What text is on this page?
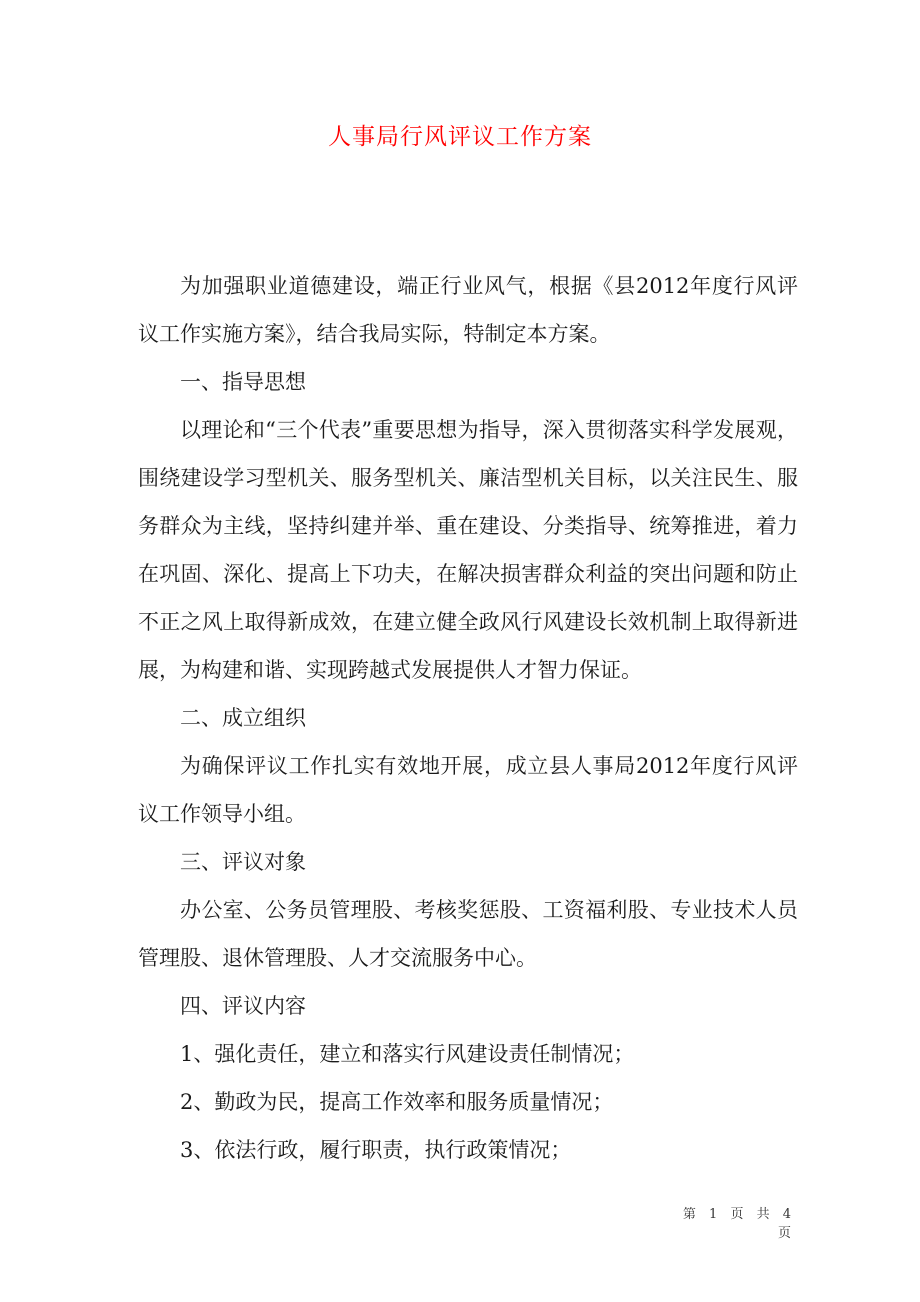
人事局行风评议工作方案

为加强职业道德建设，端正行业风气，根据《县2012年度行风评议工作实施方案》，结合我局实际，特制定本方案。

一、指导思想

以理论和“三个代表”重要思想为指导，深入贯彻落实科学发展观，围绕建设学习型机关、服务型机关、廉洁型机关目标，以关注民生、服务群众为主线，坚持纠建并举、重在建设、分类指导、统筹推进，着力在巩固、深化、提高上下功夫，在解决损害群众利益的突出问题和防止不正之风上取得新成效，在建立健全政风行风建设长效机制上取得新进展，为构建和谐、实现跨越式发展提供人才智力保证。

二、成立组织

为确保评议工作扎实有效地开展，成立县人事局2012年度行风评议工作领导小组。

三、评议对象

办公室、公务员管理股、考核奖惩股、工资福利股、专业技术人员管理股、退休管理股、人才交流服务中心。

四、评议内容

1、强化责任，建立和落实行风建设责任制情况；

2、勤政为民，提高工作效率和服务质量情况；

3、依法行政，履行职责，执行政策情况；

第 1 页 共 4 页
